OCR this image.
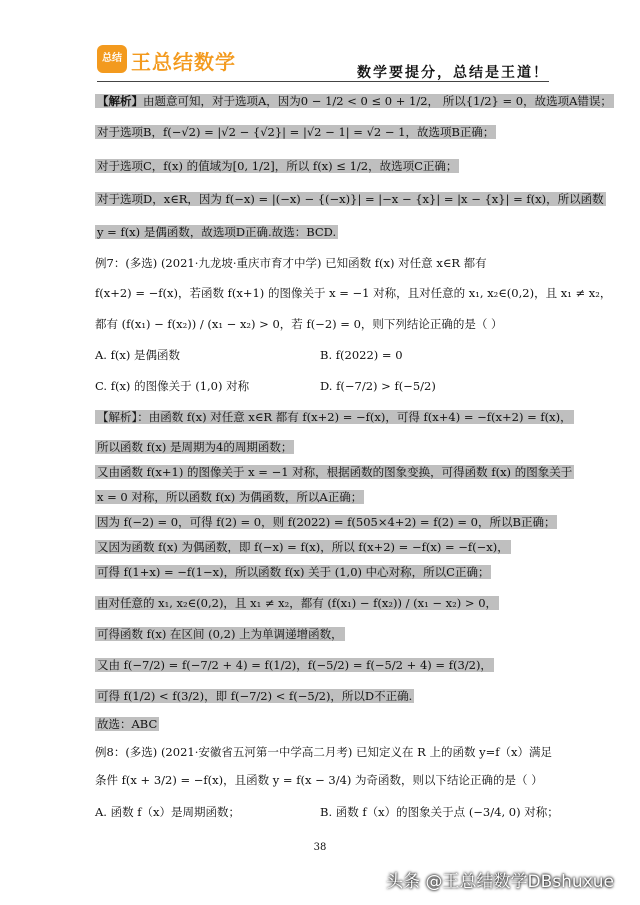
总结 王总结数学	数学要提分，总结是王道！
【解析】由题意可知，对于选项A，因为0 − 1/2 < 0 ≤ 0 + 1/2， 所以{1/2} = 0，故选项A错误；
对于选项B，f(−√2) = |√2 − {√2}| = |√2 − 1| = √2 − 1，故选项B正确；
对于选项C，f(x) 的值域为[0, 1/2]，所以 f(x) ≤ 1/2，故选项C正确；
对于选项D，x∈R，因为 f(−x) = |(−x) − {(−x)}| = |−x − {x}| = |x − {x}| = f(x)，所以函数
y = f(x) 是偶函数，故选项D正确.故选：BCD.
例7：(多选) (2021·九龙坡·重庆市育才中学) 已知函数 f(x) 对任意 x∈R 都有
f(x+2) = −f(x)，若函数 f(x+1) 的图像关于 x = −1 对称，且对任意的 x₁, x₂∈(0,2)，且 x₁ ≠ x₂，
都有 (f(x₁) − f(x₂)) / (x₁ − x₂) > 0，若 f(−2) = 0，则下列结论正确的是（ ）
A. f(x) 是偶函数	B. f(2022) = 0
C. f(x) 的图像关于 (1,0) 对称	D. f(−7/2) > f(−5/2)
【解析】：由函数 f(x) 对任意 x∈R 都有 f(x+2) = −f(x)，可得 f(x+4) = −f(x+2) = f(x)，
所以函数 f(x) 是周期为4的周期函数；
又由函数 f(x+1) 的图像关于 x = −1 对称，根据函数的图象变换，可得函数 f(x) 的图象关于
x = 0 对称，所以函数 f(x) 为偶函数，所以A正确；
因为 f(−2) = 0，可得 f(2) = 0，则 f(2022) = f(505×4+2) = f(2) = 0，所以B正确；
又因为函数 f(x) 为偶函数，即 f(−x) = f(x)，所以 f(x+2) = −f(x) = −f(−x)，
可得 f(1+x) = −f(1−x)，所以函数 f(x) 关于 (1,0) 中心对称，所以C正确；
由对任意的 x₁, x₂∈(0,2)，且 x₁ ≠ x₂，都有 (f(x₁) − f(x₂)) / (x₁ − x₂) > 0，
可得函数 f(x) 在区间 (0,2) 上为单调递增函数，
又由 f(−7/2) = f(−7/2 + 4) = f(1/2)，f(−5/2) = f(−5/2 + 4) = f(3/2)，
可得 f(1/2) < f(3/2)，即 f(−7/2) < f(−5/2)，所以D不正确.
故选：ABC
例8：(多选) (2021·安徽省五河第一中学高二月考) 已知定义在 R 上的函数 y=f（x）满足
条件 f(x + 3/2) = −f(x)，且函数 y = f(x − 3/4) 为奇函数，则以下结论正确的是（ ）
A. 函数 f（x）是周期函数；	B. 函数 f（x）的图象关于点 (−3/4, 0) 对称；
38
头条 @王总结数学DBshuxue
